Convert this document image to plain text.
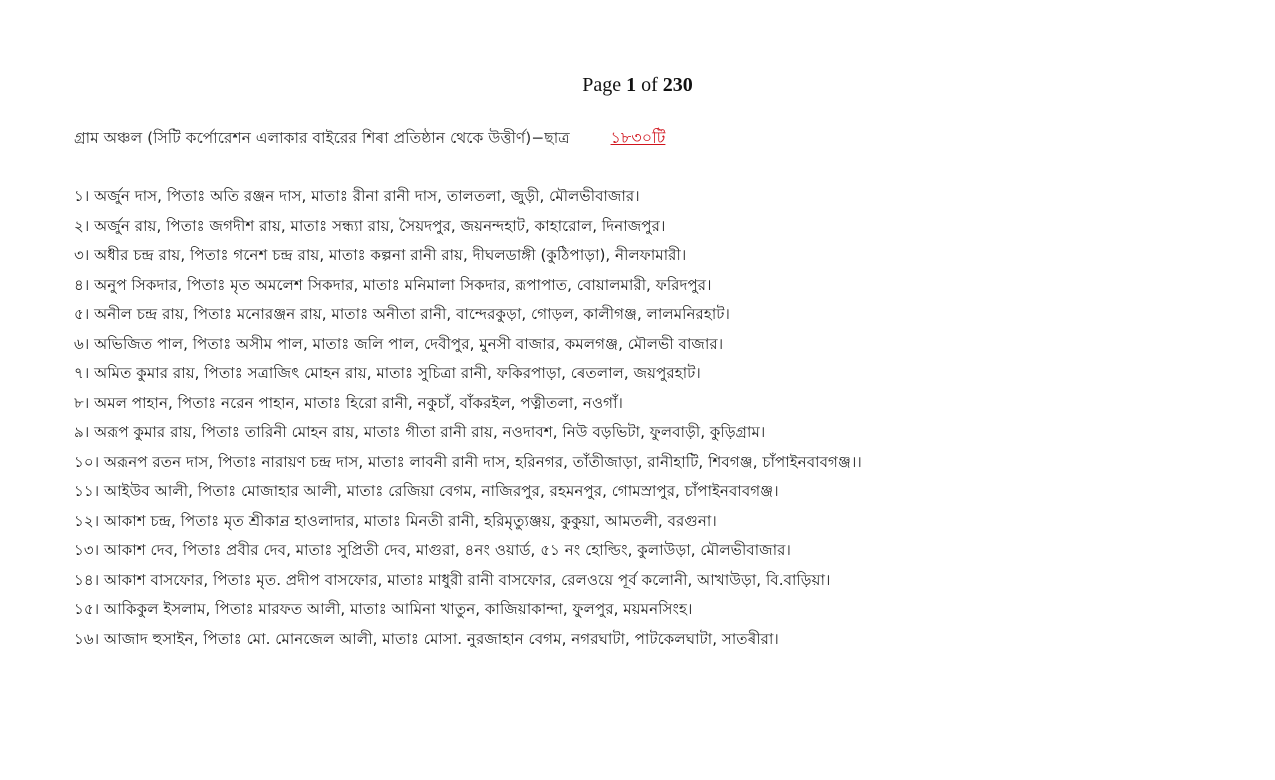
Page 1 of 230
গ্রাম অঞ্চল (সিটি কর্পোরেশন এলাকার বাইরের শিৰা প্রতিষ্ঠান থেকে উত্তীর্ণ)−ছাত্র	১৮৩০টি
১। অর্জুন দাস, পিতাঃ অতি রঞ্জন দাস, মাতাঃ রীনা রানী দাস, তালতলা, জুড়ী, মৌলভীবাজার।
২। অর্জুন রায়, পিতাঃ জগদীশ রায়, মাতাঃ সন্ধ্যা রায়, সৈয়দপুর, জয়নন্দহাট, কাহারোল, দিনাজপুর।
৩। অধীর চন্দ্র রায়, পিতাঃ গনেশ চন্দ্র রায়, মাতাঃ কল্পনা রানী রায়, দীঘলডাঙ্গী (কুঠিপাড়া), নীলফামারী।
৪। অনুপ সিকদার, পিতাঃ মৃত অমলেশ সিকদার, মাতাঃ মনিমালা সিকদার, রূপাপাত, বোয়ালমারী, ফরিদপুর।
৫। অনীল চন্দ্র রায়, পিতাঃ মনোরঞ্জন রায়, মাতাঃ অনীতা রানী, বান্দেরকুড়া, গোড়ল, কালীগঞ্জ, লালমনিরহাট।
৬। অভিজিত পাল, পিতাঃ অসীম পাল, মাতাঃ জলি পাল, দেবীপুর, মুনসী বাজার, কমলগঞ্জ, মৌলভী বাজার।
৭। অমিত কুমার রায়, পিতাঃ সত্রাজিৎ মোহন রায়, মাতাঃ সুচিত্রা রানী, ফকিরপাড়া, ৰেতলাল, জয়পুরহাট।
৮। অমল পাহান, পিতাঃ নরেন পাহান, মাতাঃ হিরো রানী, নকুচাঁ, বাঁকরইল, পত্নীতলা, নওগাঁ।
৯। অরূপ কুমার রায়, পিতাঃ তারিনী মোহন রায়, মাতাঃ গীতা রানী রায়, নওদাবশ, নিউ বড়ভিটা, ফুলবাড়ী, কুড়িগ্রাম।
১০। অরূনপ রতন দাস, পিতাঃ নারায়ণ চন্দ্র দাস, মাতাঃ লাবনী রানী দাস, হরিনগর, তাঁতীজাড়া, রানীহাটি, শিবগঞ্জ, চাঁপাইনবাবগঞ্জ।।
১১। আইউব আলী, পিতাঃ মোজাহার আলী, মাতাঃ রেজিয়া বেগম, নাজিরপুর, রহমনপুর, গোমস্ৰাপুর, চাঁপাইনবাবগঞ্জ।
১২। আকাশ চন্দ্র, পিতাঃ মৃত শ্রীকান্ৰ হাওলাদার, মাতাঃ মিনতী রানী, হরিমৃত্যুঞ্জয়, কুকুয়া, আমতলী, বরগুনা।
১৩। আকাশ দেব, পিতাঃ প্রবীর দেব, মাতাঃ সুপ্রিতী দেব, মাগুরা, ৪নং ওয়ার্ড, ৫১ নং হোল্ডিং, কুলাউড়া, মৌলভীবাজার।
১৪। আকাশ বাসফোর, পিতাঃ মৃত. প্রদীপ বাসফোর, মাতাঃ মাধুরী রানী বাসফোর, রেলওয়ে পূর্ব কলোনী, আখাউড়া, বি.বাড়িয়া।
১৫। আকিকুল ইসলাম, পিতাঃ মারফত আলী, মাতাঃ আমিনা খাতুন, কাজিয়াকান্দা, ফুলপুর, ময়মনসিংহ।
১৬। আজাদ হুসাইন, পিতাঃ মো. মোনজেল আলী, মাতাঃ মোসা. নুরজাহান বেগম, নগরঘাটা, পাটকেলঘাটা, সাতৰীরা।
